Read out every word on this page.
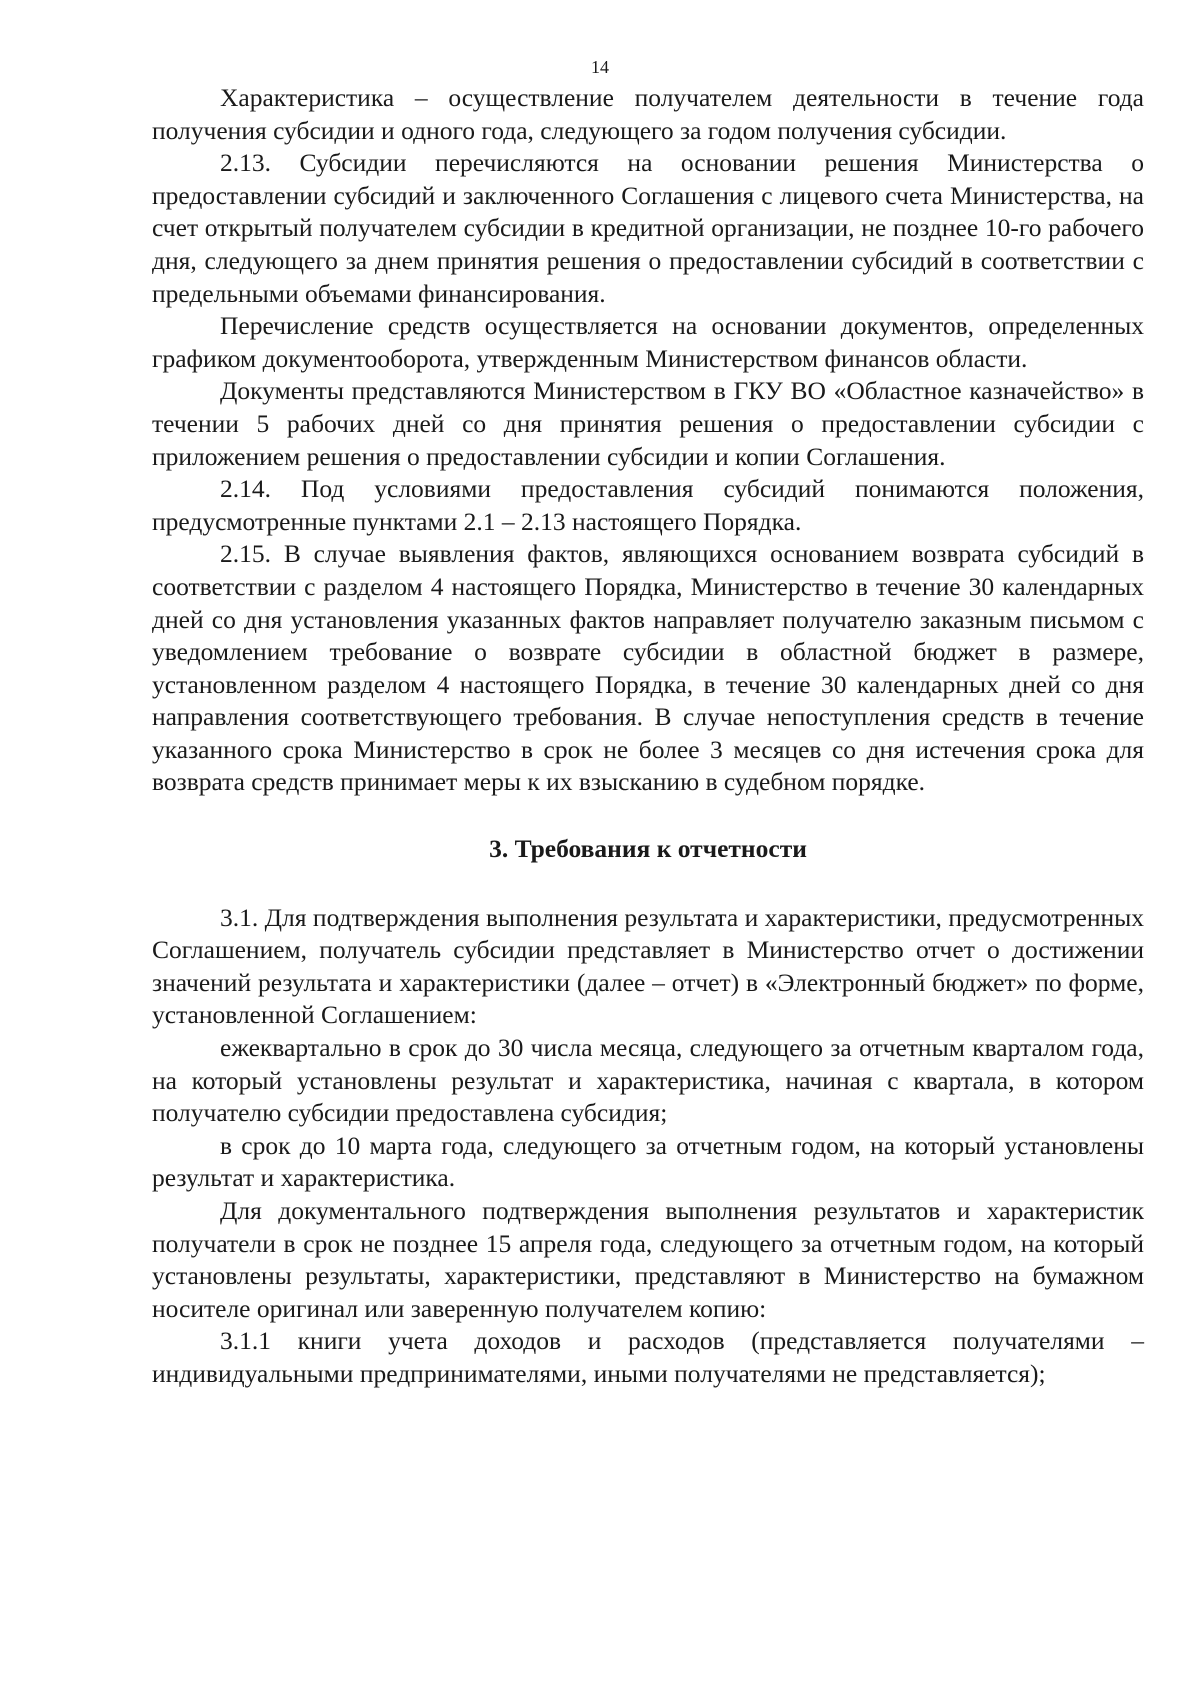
14

Характеристика – осуществление получателем деятельности в течение года получения субсидии и одного года, следующего за годом получения субсидии.

2.13. Субсидии перечисляются на основании решения Министерства о предоставлении субсидий и заключенного Соглашения с лицевого счета Министерства, на счет открытый получателем субсидии в кредитной организации, не позднее 10-го рабочего дня, следующего за днем принятия решения о предоставлении субсидий в соответствии с предельными объемами финансирования.

Перечисление средств осуществляется на основании документов, определенных графиком документооборота, утвержденным Министерством финансов области.

Документы представляются Министерством в ГКУ ВО «Областное казначейство» в течении 5 рабочих дней со дня принятия решения о предоставлении субсидии с приложением решения о предоставлении субсидии и копии Соглашения.

2.14. Под условиями предоставления субсидий понимаются положения, предусмотренные пунктами 2.1 – 2.13 настоящего Порядка.

2.15. В случае выявления фактов, являющихся основанием возврата субсидий в соответствии с разделом 4 настоящего Порядка, Министерство в течение 30 календарных дней со дня установления указанных фактов направляет получателю заказным письмом с уведомлением требование о возврате субсидии в областной бюджет в размере, установленном разделом 4 настоящего Порядка, в течение 30 календарных дней со дня направления соответствующего требования. В случае непоступления средств в течение указанного срока Министерство в срок не более 3 месяцев со дня истечения срока для возврата средств принимает меры к их взысканию в судебном порядке.

3. Требования к отчетности

3.1. Для подтверждения выполнения результата и характеристики, предусмотренных Соглашением, получатель субсидии представляет в Министерство отчет о достижении значений результата и характеристики (далее – отчет) в «Электронный бюджет» по форме, установленной Соглашением:

ежеквартально в срок до 30 числа месяца, следующего за отчетным кварталом года, на который установлены результат и характеристика, начиная с квартала, в котором получателю субсидии предоставлена субсидия;

в срок до 10 марта года, следующего за отчетным годом, на который установлены результат и характеристика.

Для документального подтверждения выполнения результатов и характеристик получатели в срок не позднее 15 апреля года, следующего за отчетным годом, на который установлены результаты, характеристики, представляют в Министерство на бумажном носителе оригинал или заверенную получателем копию:

3.1.1 книги учета доходов и расходов (представляется получателями – индивидуальными предпринимателями, иными получателями не представляется);
